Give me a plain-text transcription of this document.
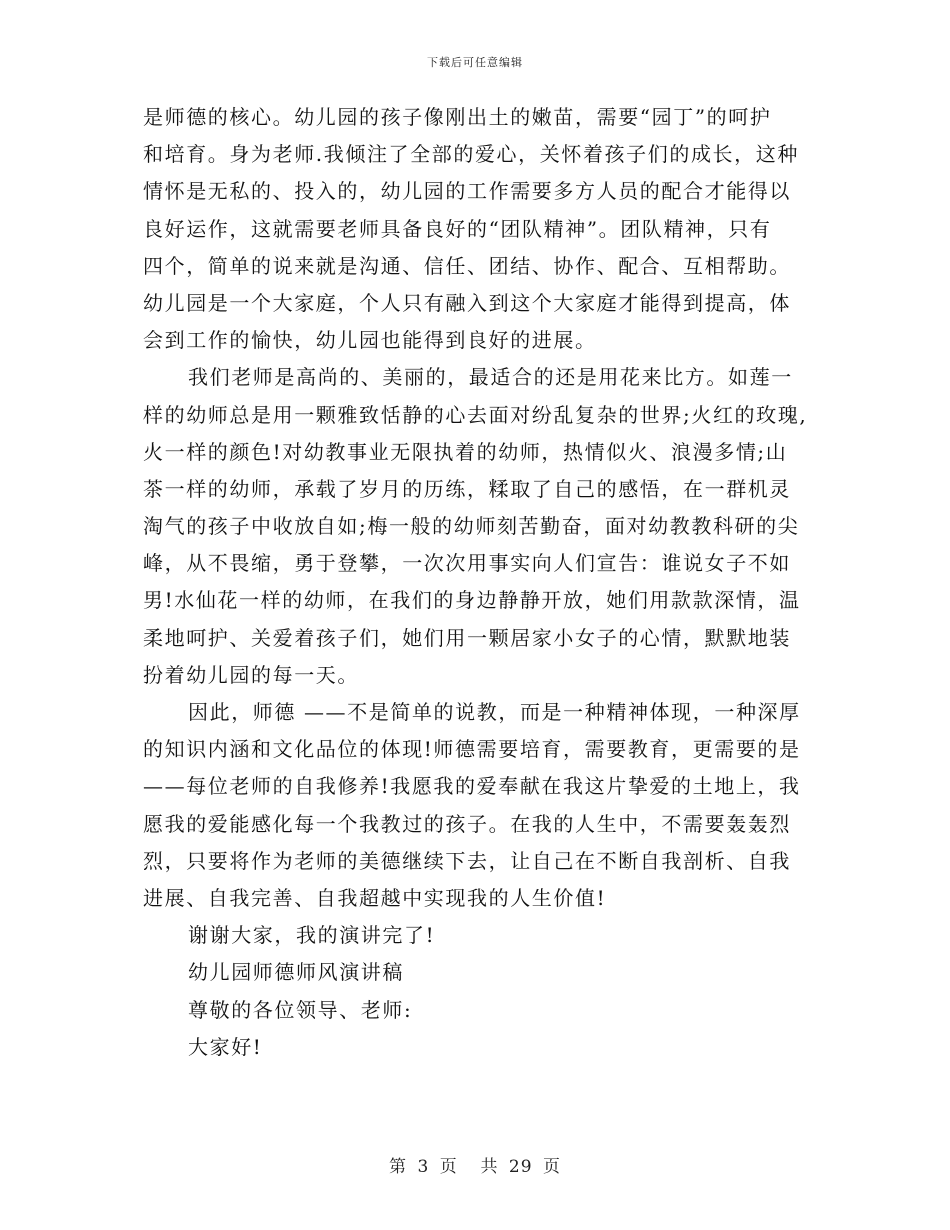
下载后可任意编辑
是师德的核心。幼儿园的孩子像刚出土的嫩苗，需要“园丁”的呵护
和培育。身为老师.我倾注了全部的爱心，关怀着孩子们的成长，这种
情怀是无私的、投入的，幼儿园的工作需要多方人员的配合才能得以
良好运作，这就需要老师具备良好的“团队精神”。团队精神，只有
四个，简单的说来就是沟通、信任、团结、协作、配合、互相帮助。
幼儿园是一个大家庭，个人只有融入到这个大家庭才能得到提高，体
会到工作的愉快，幼儿园也能得到良好的进展。
我们老师是高尚的、美丽的，最适合的还是用花来比方。如莲一
样的幼师总是用一颗雅致恬静的心去面对纷乱复杂的世界;火红的玫瑰,
火一样的颜色!对幼教事业无限执着的幼师，热情似火、浪漫多情;山
茶一样的幼师，承载了岁月的历练，糅取了自己的感悟，在一群机灵
淘气的孩子中收放自如;梅一般的幼师刻苦勤奋，面对幼教教科研的尖
峰，从不畏缩，勇于登攀，一次次用事实向人们宣告：谁说女子不如
男!水仙花一样的幼师，在我们的身边静静开放，她们用款款深情，温
柔地呵护、关爱着孩子们，她们用一颗居家小女子的心情，默默地装
扮着幼儿园的每一天。
因此，师德 ——不是简单的说教，而是一种精神体现，一种深厚
的知识内涵和文化品位的体现!师德需要培育，需要教育，更需要的是
——每位老师的自我修养!我愿我的爱奉献在我这片挚爱的土地上，我
愿我的爱能感化每一个我教过的孩子。在我的人生中，不需要轰轰烈
烈，只要将作为老师的美德继续下去，让自己在不断自我剖析、自我
进展、自我完善、自我超越中实现我的人生价值!
谢谢大家，我的演讲完了!
幼儿园师德师风演讲稿
尊敬的各位领导、老师:
大家好!
第 3 页 共 29 页
